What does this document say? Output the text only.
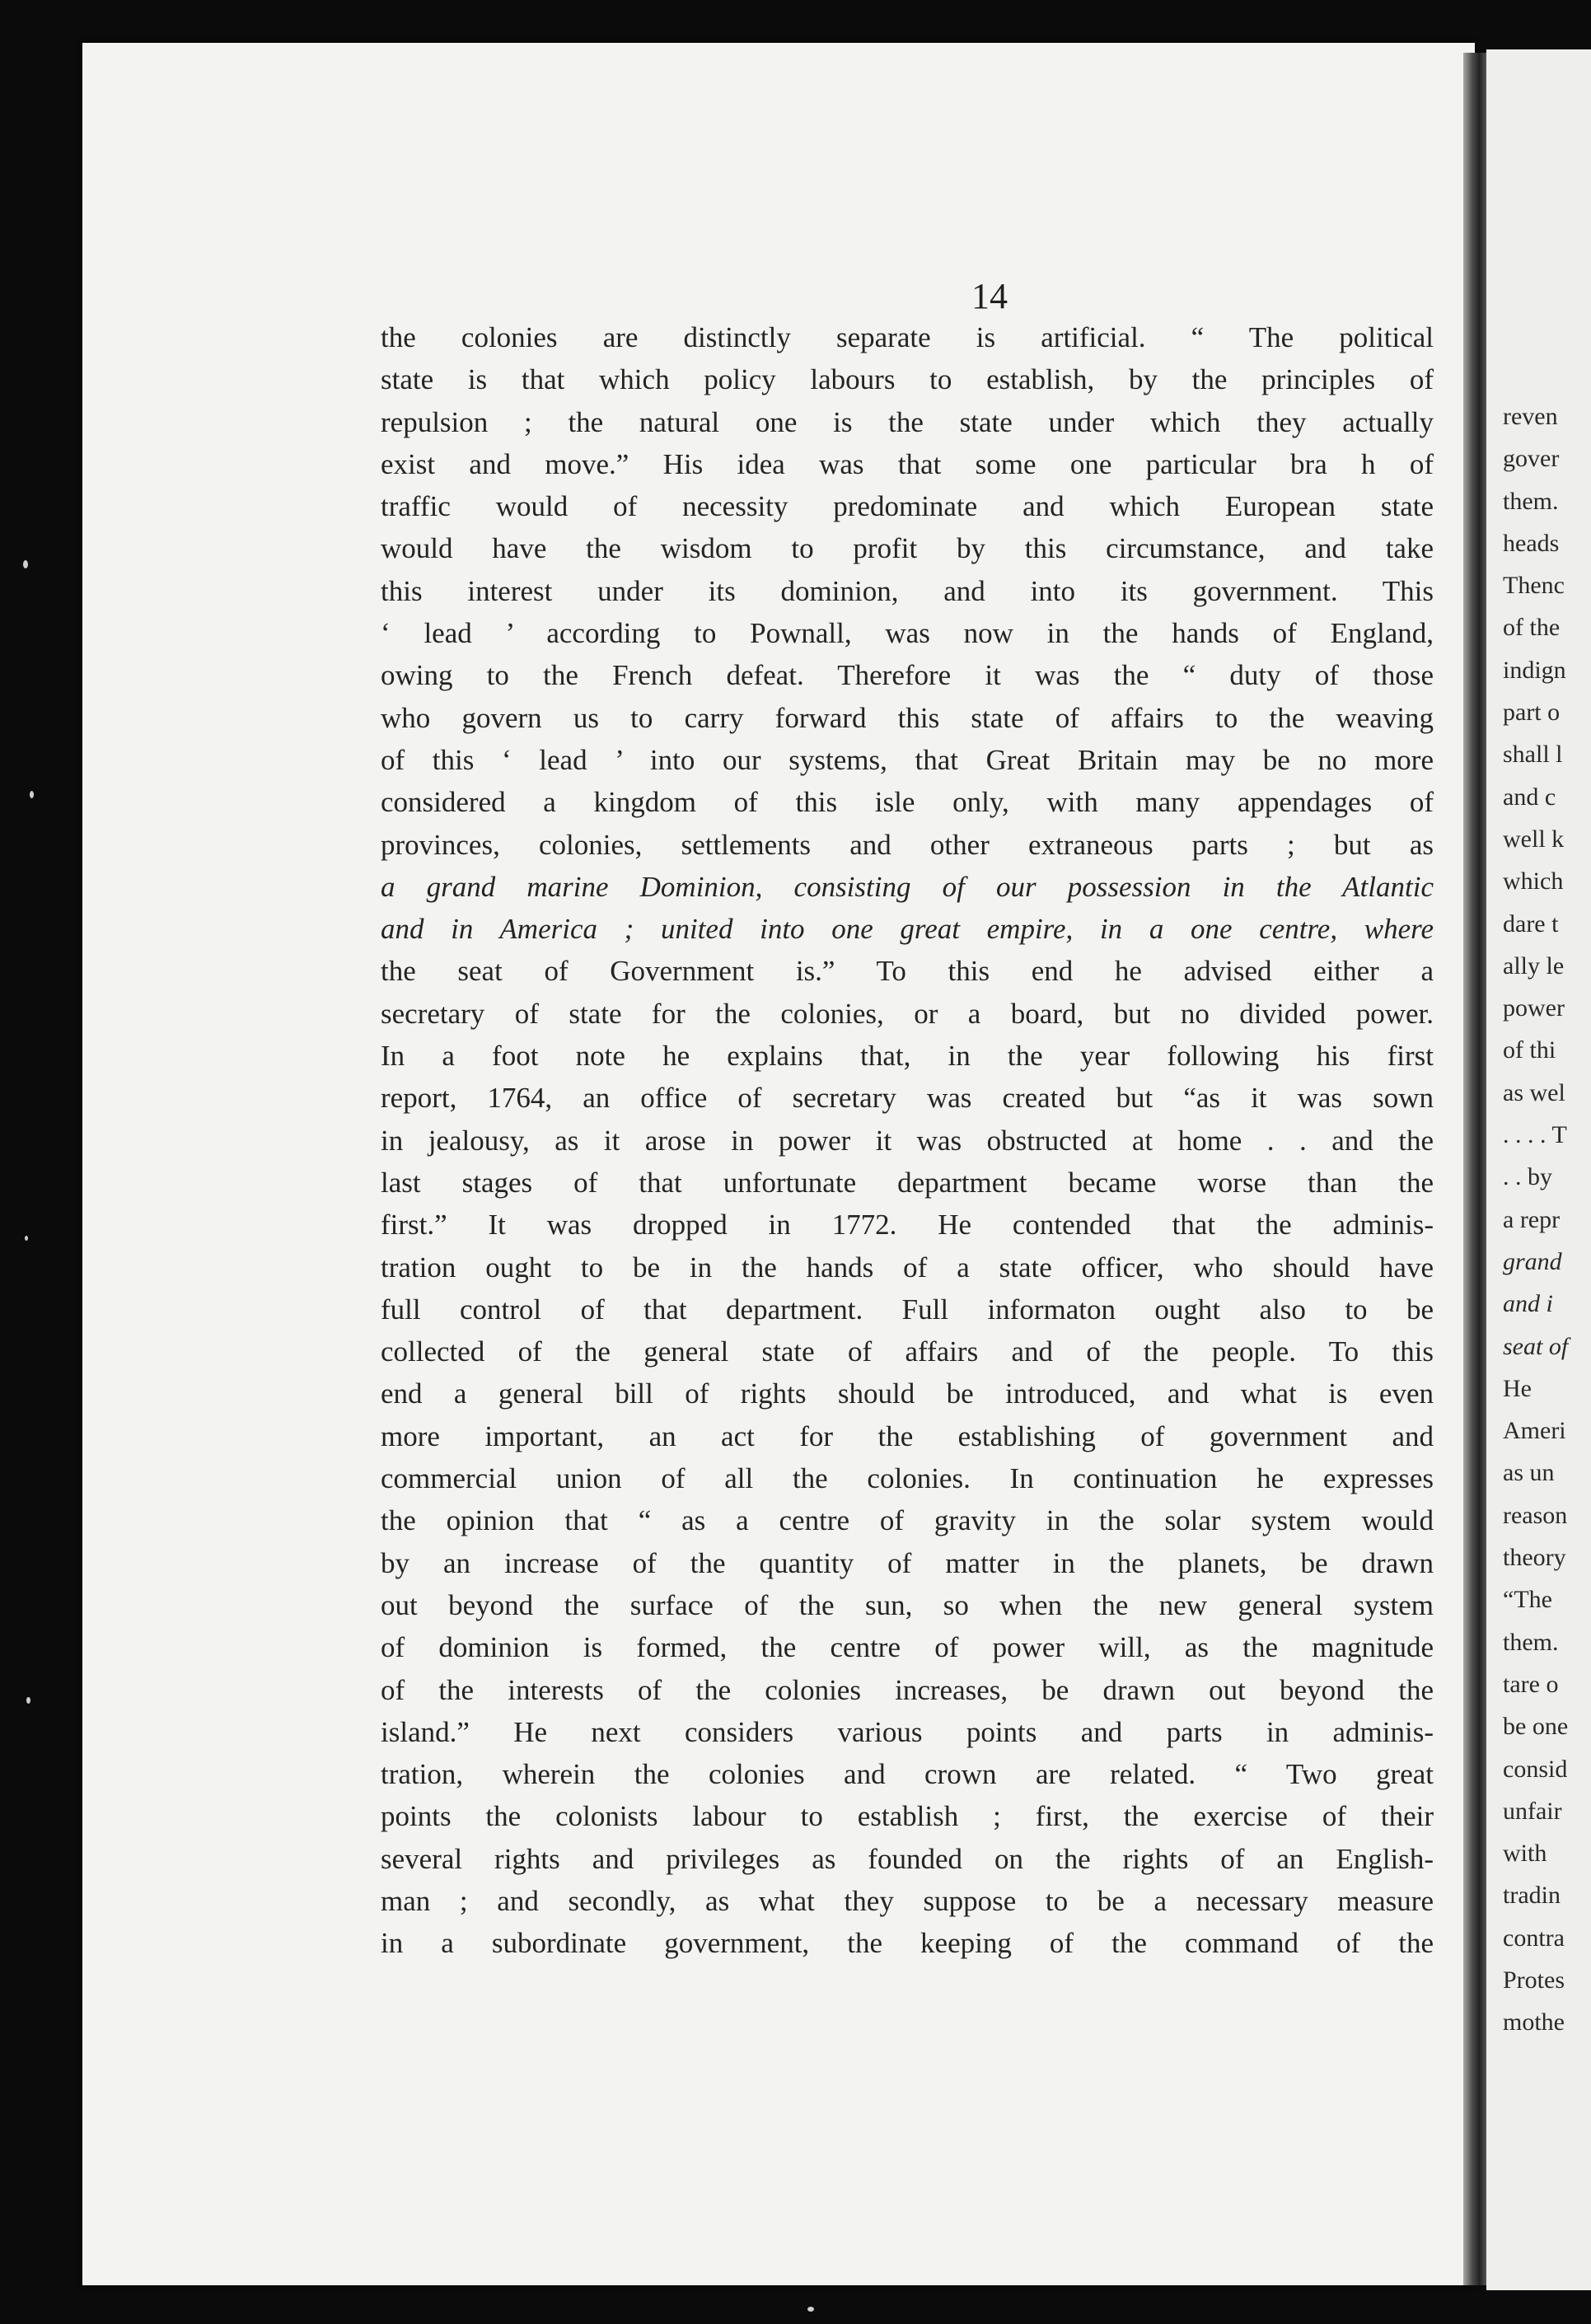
14
the colonies are distinctly separate is artificial. “ The political
state is that which policy labours to establish, by the principles of
repulsion ; the natural one is the state under which they actually
exist and move.” His idea was that some one particular bra h of
traffic would of necessity predominate and which European state
would have the wisdom to profit by this circumstance, and take
this interest under its dominion, and into its government. This
‘ lead ’ according to Pownall, was now in the hands of England,
owing to the French defeat. Therefore it was the “ duty of those
who govern us to carry forward this state of affairs to the weaving
of this ‘ lead ’ into our systems, that Great Britain may be no more
considered a kingdom of this isle only, with many appendages of
provinces, colonies, settlements and other extraneous parts ; but as
a grand marine Dominion, consisting of our possession in the Atlantic
and in America ; united into one great empire, in a one centre, where
the seat of Government is.” To this end he advised either a
secretary of state for the colonies, or a board, but no divided power.
In a foot note he explains that, in the year following his first
report, 1764, an office of secretary was created but “as it was sown
in jealousy, as it arose in power it was obstructed at home . . and the
last stages of that unfortunate department became worse than the
first.” It was dropped in 1772. He contended that the adminis-
tration ought to be in the hands of a state officer, who should have
full control of that department. Full informaton ought also to be
collected of the general state of affairs and of the people. To this
end a general bill of rights should be introduced, and what is even
more important, an act for the establishing of government and
commercial union of all the colonies. In continuation he expresses
the opinion that “ as a centre of gravity in the solar system would
by an increase of the quantity of matter in the planets, be drawn
out beyond the surface of the sun, so when the new general system
of dominion is formed, the centre of power will, as the magnitude
of the interests of the colonies increases, be drawn out beyond the
island.” He next considers various points and parts in adminis-
tration, wherein the colonies and crown are related. “ Two great
points the colonists labour to establish ; first, the exercise of their
several rights and privileges as founded on the rights of an English-
man ; and secondly, as what they suppose to be a necessary measure
in a subordinate government, the keeping of the command of the
reven
gover
them.
heads
Thenc
of the
indign
part o
shall l
and c
well k
which
dare t
ally le
power
of thi
as wel
. . . . T
. . by
a repr
grand
and i
seat of
He
Ameri
as un
reason
theory
“The
them.
tare o
be one
consid
unfair
with
tradin
contra
Protes
mothe
